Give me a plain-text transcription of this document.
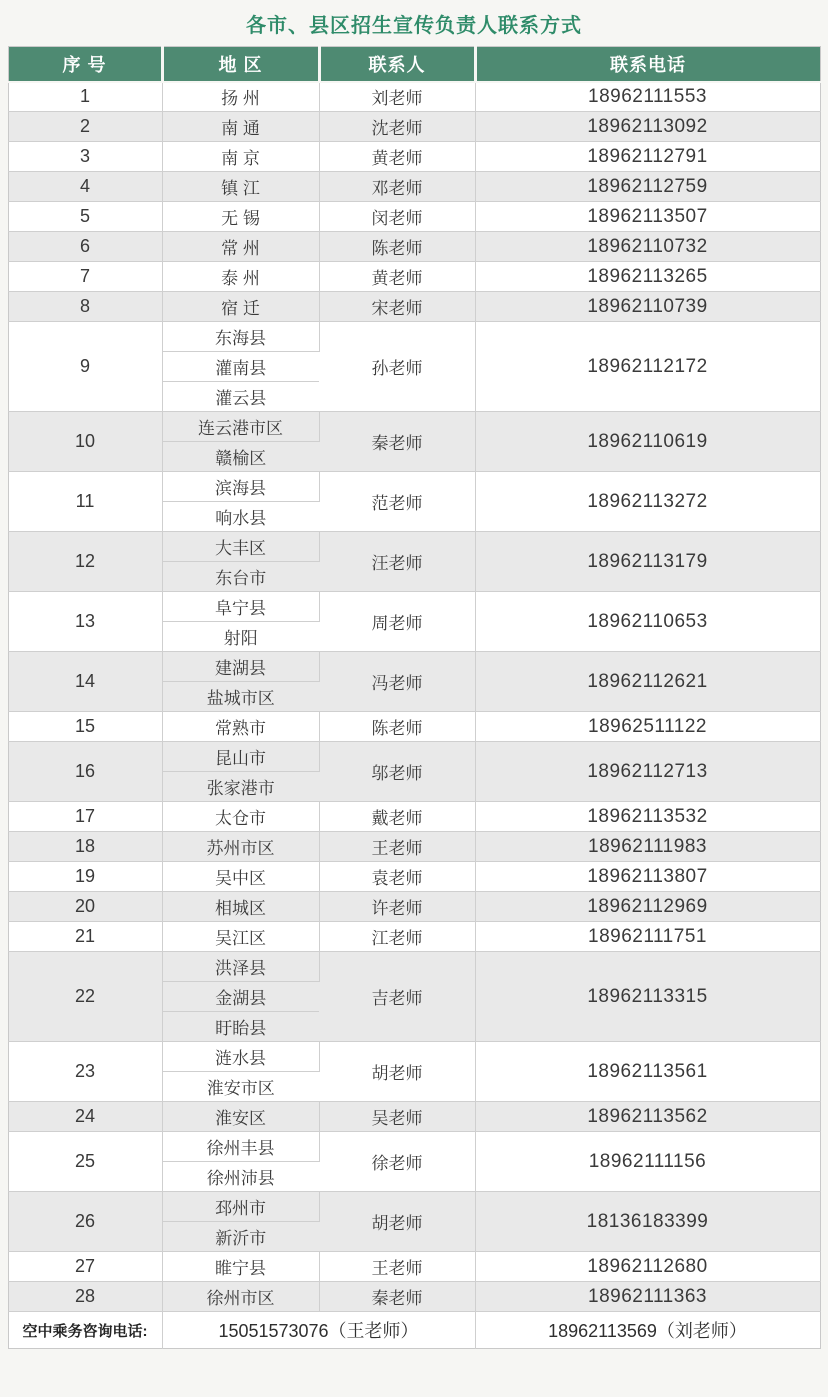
各市、县区招生宣传负责人联系方式
序 号	地 区	联系人	联系电话
1	扬 州	刘老师	18962111553
2	南 通	沈老师	18962113092
3	南 京	黄老师	18962112791
4	镇 江	邓老师	18962112759
5	无 锡	闵老师	18962113507
6	常 州	陈老师	18962110732
7	泰 州	黄老师	18962113265
8	宿 迁	宋老师	18962110739
9	东海县	孙老师	18962112172
	灌南县		
	灌云县		
10	连云港市区	秦老师	18962110619
	赣榆区		
11	滨海县	范老师	18962113272
	响水县		
12	大丰区	汪老师	18962113179
	东台市		
13	阜宁县	周老师	18962110653
	射阳		
14	建湖县	冯老师	18962112621
	盐城市区		
15	常熟市	陈老师	18962511122
16	昆山市	邬老师	18962112713
	张家港市		
17	太仓市	戴老师	18962113532
18	苏州市区	王老师	18962111983
19	吴中区	袁老师	18962113807
20	相城区	许老师	18962112969
21	吴江区	江老师	18962111751
22	洪泽县	吉老师	18962113315
	金湖县		
	盱眙县		
23	涟水县	胡老师	18962113561
	淮安市区		
24	淮安区	吴老师	18962113562
25	徐州丰县	徐老师	18962111156
	徐州沛县		
26	邳州市	胡老师	18136183399
	新沂市		
27	睢宁县	王老师	18962112680
28	徐州市区	秦老师	18962111363
空中乘务咨询电话:	15051573076（王老师）		18962113569（刘老师）
